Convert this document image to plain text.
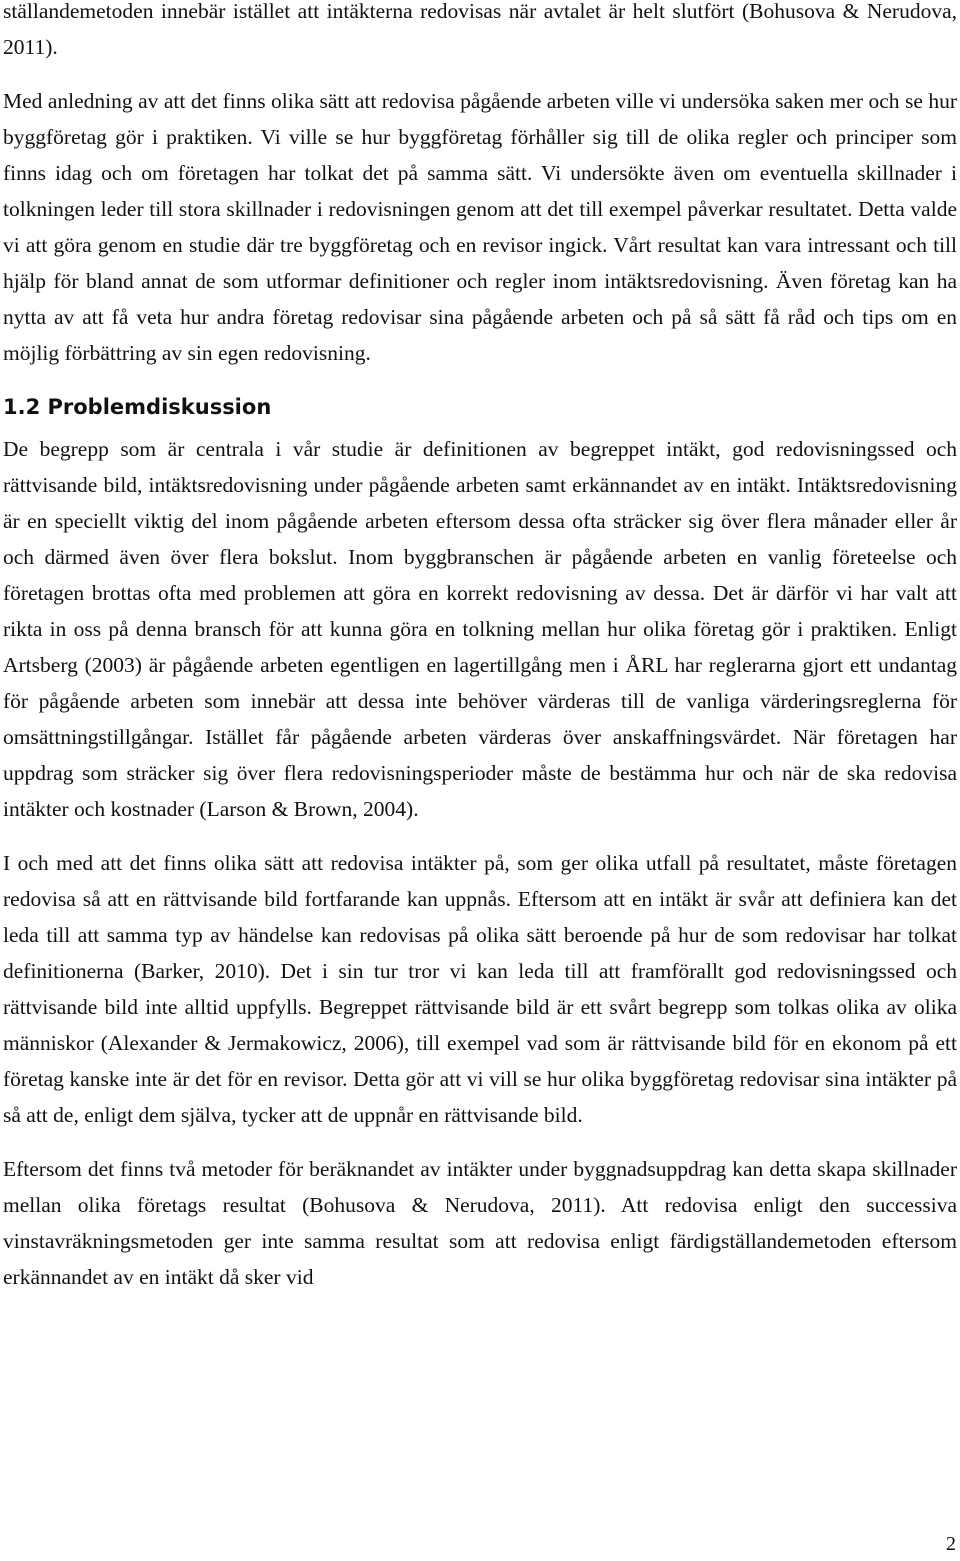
ställandemetoden innebär istället att intäkterna redovisas när avtalet är helt slutfört (Bohusova & Nerudova, 2011).

Med anledning av att det finns olika sätt att redovisa pågående arbeten ville vi undersöka saken mer och se hur byggföretag gör i praktiken. Vi ville se hur byggföretag förhåller sig till de olika regler och principer som finns idag och om företagen har tolkat det på samma sätt. Vi undersökte även om eventuella skillnader i tolkningen leder till stora skillnader i redovisningen genom att det till exempel påverkar resultatet. Detta valde vi att göra genom en studie där tre byggföretag och en revisor ingick. Vårt resultat kan vara intressant och till hjälp för bland annat de som utformar definitioner och regler inom intäktsredovisning. Även företag kan ha nytta av att få veta hur andra företag redovisar sina pågående arbeten och på så sätt få råd och tips om en möjlig förbättring av sin egen redovisning.

1.2 Problemdiskussion

De begrepp som är centrala i vår studie är definitionen av begreppet intäkt, god redovisningssed och rättvisande bild, intäktsredovisning under pågående arbeten samt erkännandet av en intäkt. Intäktsredovisning är en speciellt viktig del inom pågående arbeten eftersom dessa ofta sträcker sig över flera månader eller år och därmed även över flera bokslut. Inom byggbranschen är pågående arbeten en vanlig företeelse och företagen brottas ofta med problemen att göra en korrekt redovisning av dessa. Det är därför vi har valt att rikta in oss på denna bransch för att kunna göra en tolkning mellan hur olika företag gör i praktiken. Enligt Artsberg (2003) är pågående arbeten egentligen en lagertillgång men i ÅRL har reglerarna gjort ett undantag för pågående arbeten som innebär att dessa inte behöver värderas till de vanliga värderingsreglerna för omsättningstillgångar. Istället får pågående arbeten värderas över anskaffningsvärdet. När företagen har uppdrag som sträcker sig över flera redovisningsperioder måste de bestämma hur och när de ska redovisa intäkter och kostnader (Larson & Brown, 2004).

I och med att det finns olika sätt att redovisa intäkter på, som ger olika utfall på resultatet, måste företagen redovisa så att en rättvisande bild fortfarande kan uppnås. Eftersom att en intäkt är svår att definiera kan det leda till att samma typ av händelse kan redovisas på olika sätt beroende på hur de som redovisar har tolkat definitionerna (Barker, 2010). Det i sin tur tror vi kan leda till att framförallt god redovisningssed och rättvisande bild inte alltid uppfylls. Begreppet rättvisande bild är ett svårt begrepp som tolkas olika av olika människor (Alexander & Jermakowicz, 2006), till exempel vad som är rättvisande bild för en ekonom på ett företag kanske inte är det för en revisor. Detta gör att vi vill se hur olika byggföretag redovisar sina intäkter på så att de, enligt dem själva, tycker att de uppnår en rättvisande bild.

Eftersom det finns två metoder för beräknandet av intäkter under byggnadsuppdrag kan detta skapa skillnader mellan olika företags resultat (Bohusova & Nerudova, 2011). Att redovisa enligt den successiva vinstavräkningsmetoden ger inte samma resultat som att redovisa enligt färdigställandemetoden eftersom erkännandet av en intäkt då sker vid

2
